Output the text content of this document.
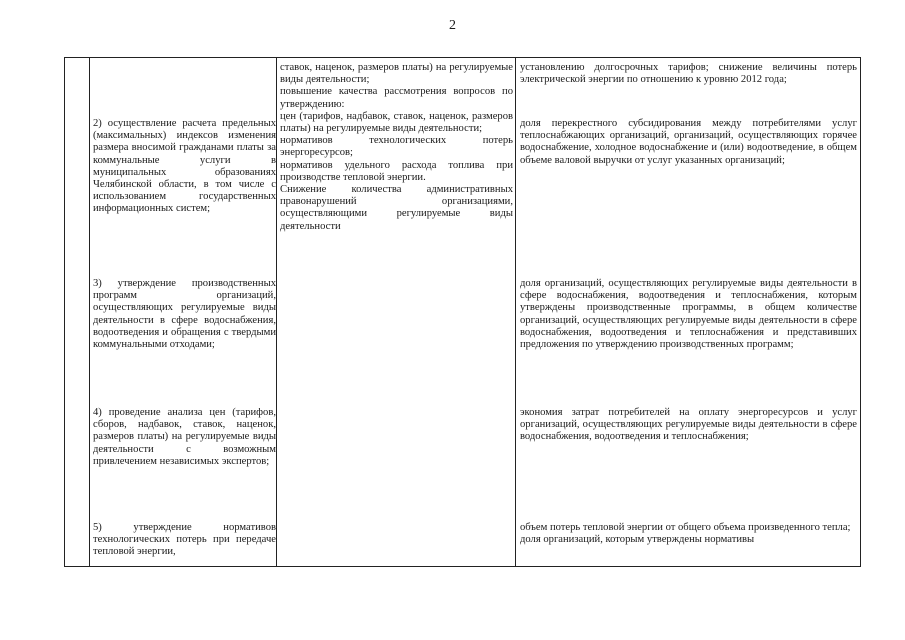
2

2) осуществление расчета предельных (максимальных) индексов изменения размера вносимой гражданами платы за коммунальные услуги в муниципальных образованиях Челябинской области, в том числе с использованием государственных информационных систем;

3) утверждение производственных программ организаций, осуществляющих регулируемые виды деятельности в сфере водоснабжения, водоотведения и обращения с твердыми коммунальными отходами;

4) проведение анализа цен (тарифов, сборов, надбавок, ставок, наценок, размеров платы) на регулируемые виды деятельности с возможным привлечением независимых экспертов;

5) утверждение нормативов технологических потерь при передаче тепловой энергии,

ставок, наценок, размеров платы) на регулируемые виды деятельности;

повышение качества рассмотрения вопросов по утверждению:

цен (тарифов, надбавок, ставок, наценок, размеров платы) на регулируемые виды деятельности;

нормативов технологических потерь энергоресурсов;

нормативов удельного расхода топлива при производстве тепловой энергии.

Снижение количества административных правонарушений организациями, осуществляющими регулируемые виды деятельности

установлению долгосрочных тарифов; снижение величины потерь электрической энергии по отношению к уровню 2012 года;

доля перекрестного субсидирования между потребителями услуг теплоснабжающих организаций, организаций, осуществляющих горячее водоснабжение, холодное водоснабжение и (или) водоотведение, в общем объеме валовой выручки от услуг указанных организаций;

доля организаций, осуществляющих регулируемые виды деятельности в сфере водоснабжения, водоотведения и теплоснабжения, которым утверждены производственные программы, в общем количестве организаций, осуществляющих регулируемые виды деятельности в сфере водоснабжения, водоотведения и теплоснабжения и представивших предложения по утверждению производственных программ;

экономия затрат потребителей на оплату энергоресурсов и услуг организаций, осуществляющих регулируемые виды деятельности в сфере водоснабжения, водоотведения и теплоснабжения;

объем потерь тепловой энергии от общего объема произведенного тепла;

доля организаций, которым утверждены нормативы
